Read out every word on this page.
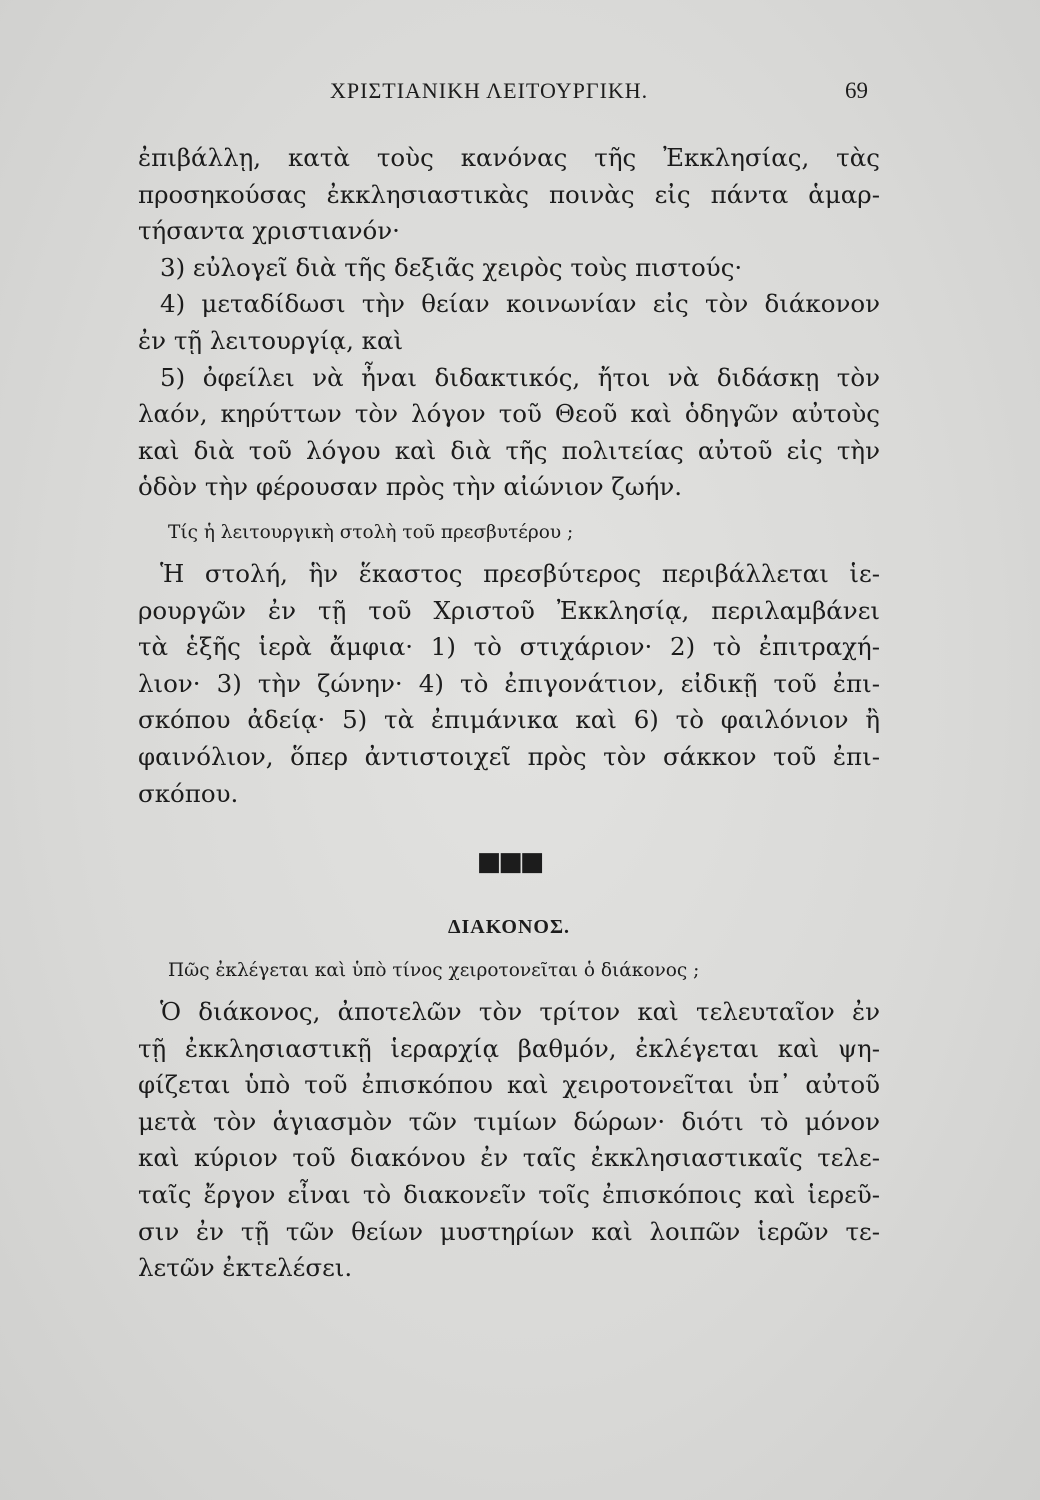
ΧΡΙΣΤΙΑΝΙΚΗ ΛΕΙΤΟΥΡΓΙΚΗ.	69
ἐπιβάλλῃ, κατὰ τοὺς κανόνας τῆς Ἐκκλησίας, τὰς
προσηκούσας ἐκκλησιαστικὰς ποινὰς εἰς πάντα ἁμαρ-
τήσαντα χριστιανόν·
3) εὐλογεῖ διὰ τῆς δεξιᾶς χειρὸς τοὺς πιστούς·
4) μεταδίδωσι τὴν θείαν κοινωνίαν εἰς τὸν διάκονον
ἐν τῇ λειτουργίᾳ, καὶ
5) ὀφείλει νὰ ἦναι διδακτικός, ἤτοι νὰ διδάσκῃ τὸν
λαόν, κηρύττων τὸν λόγον τοῦ Θεοῦ καὶ ὁδηγῶν αὐτοὺς
καὶ διὰ τοῦ λόγου καὶ διὰ τῆς πολιτείας αὐτοῦ εἰς τὴν
ὁδὸν τὴν φέρουσαν πρὸς τὴν αἰώνιον ζωήν.
Τίς ἡ λειτουργικὴ στολὴ τοῦ πρεσβυτέρου ;
Ἡ στολή, ἣν ἕκαστος πρεσβύτερος περιβάλλεται ἱε-
ρουργῶν ἐν τῇ τοῦ Χριστοῦ Ἐκκλησίᾳ, περιλαμβάνει
τὰ ἑξῆς ἱερὰ ἄμφια· 1) τὸ στιχάριον· 2) τὸ ἐπιτραχή-
λιον· 3) τὴν ζώνην· 4) τὸ ἐπιγονάτιον, εἰδικῇ τοῦ ἐπι-
σκόπου ἀδείᾳ· 5) τὰ ἐπιμάνικα καὶ 6) τὸ φαιλόνιον ἢ
φαινόλιον, ὅπερ ἀντιστοιχεῖ πρὸς τὸν σάκκον τοῦ ἐπι-
σκόπου.
■■■
ΔΙΑΚΟΝΟΣ.
Πῶς ἐκλέγεται καὶ ὑπὸ τίνος χειροτονεῖται ὁ διάκονος ;
Ὁ διάκονος, ἀποτελῶν τὸν τρίτον καὶ τελευταῖον ἐν
τῇ ἐκκλησιαστικῇ ἱεραρχίᾳ βαθμόν, ἐκλέγεται καὶ ψη-
φίζεται ὑπὸ τοῦ ἐπισκόπου καὶ χειροτονεῖται ὑπ᾽ αὐτοῦ
μετὰ τὸν ἁγιασμὸν τῶν τιμίων δώρων· διότι τὸ μόνον
καὶ κύριον τοῦ διακόνου ἐν ταῖς ἐκκλησιαστικαῖς τελε-
ταῖς ἔργον εἶναι τὸ διακονεῖν τοῖς ἐπισκόποις καὶ ἱερεῦ-
σιν ἐν τῇ τῶν θείων μυστηρίων καὶ λοιπῶν ἱερῶν τε-
λετῶν ἐκτελέσει.
